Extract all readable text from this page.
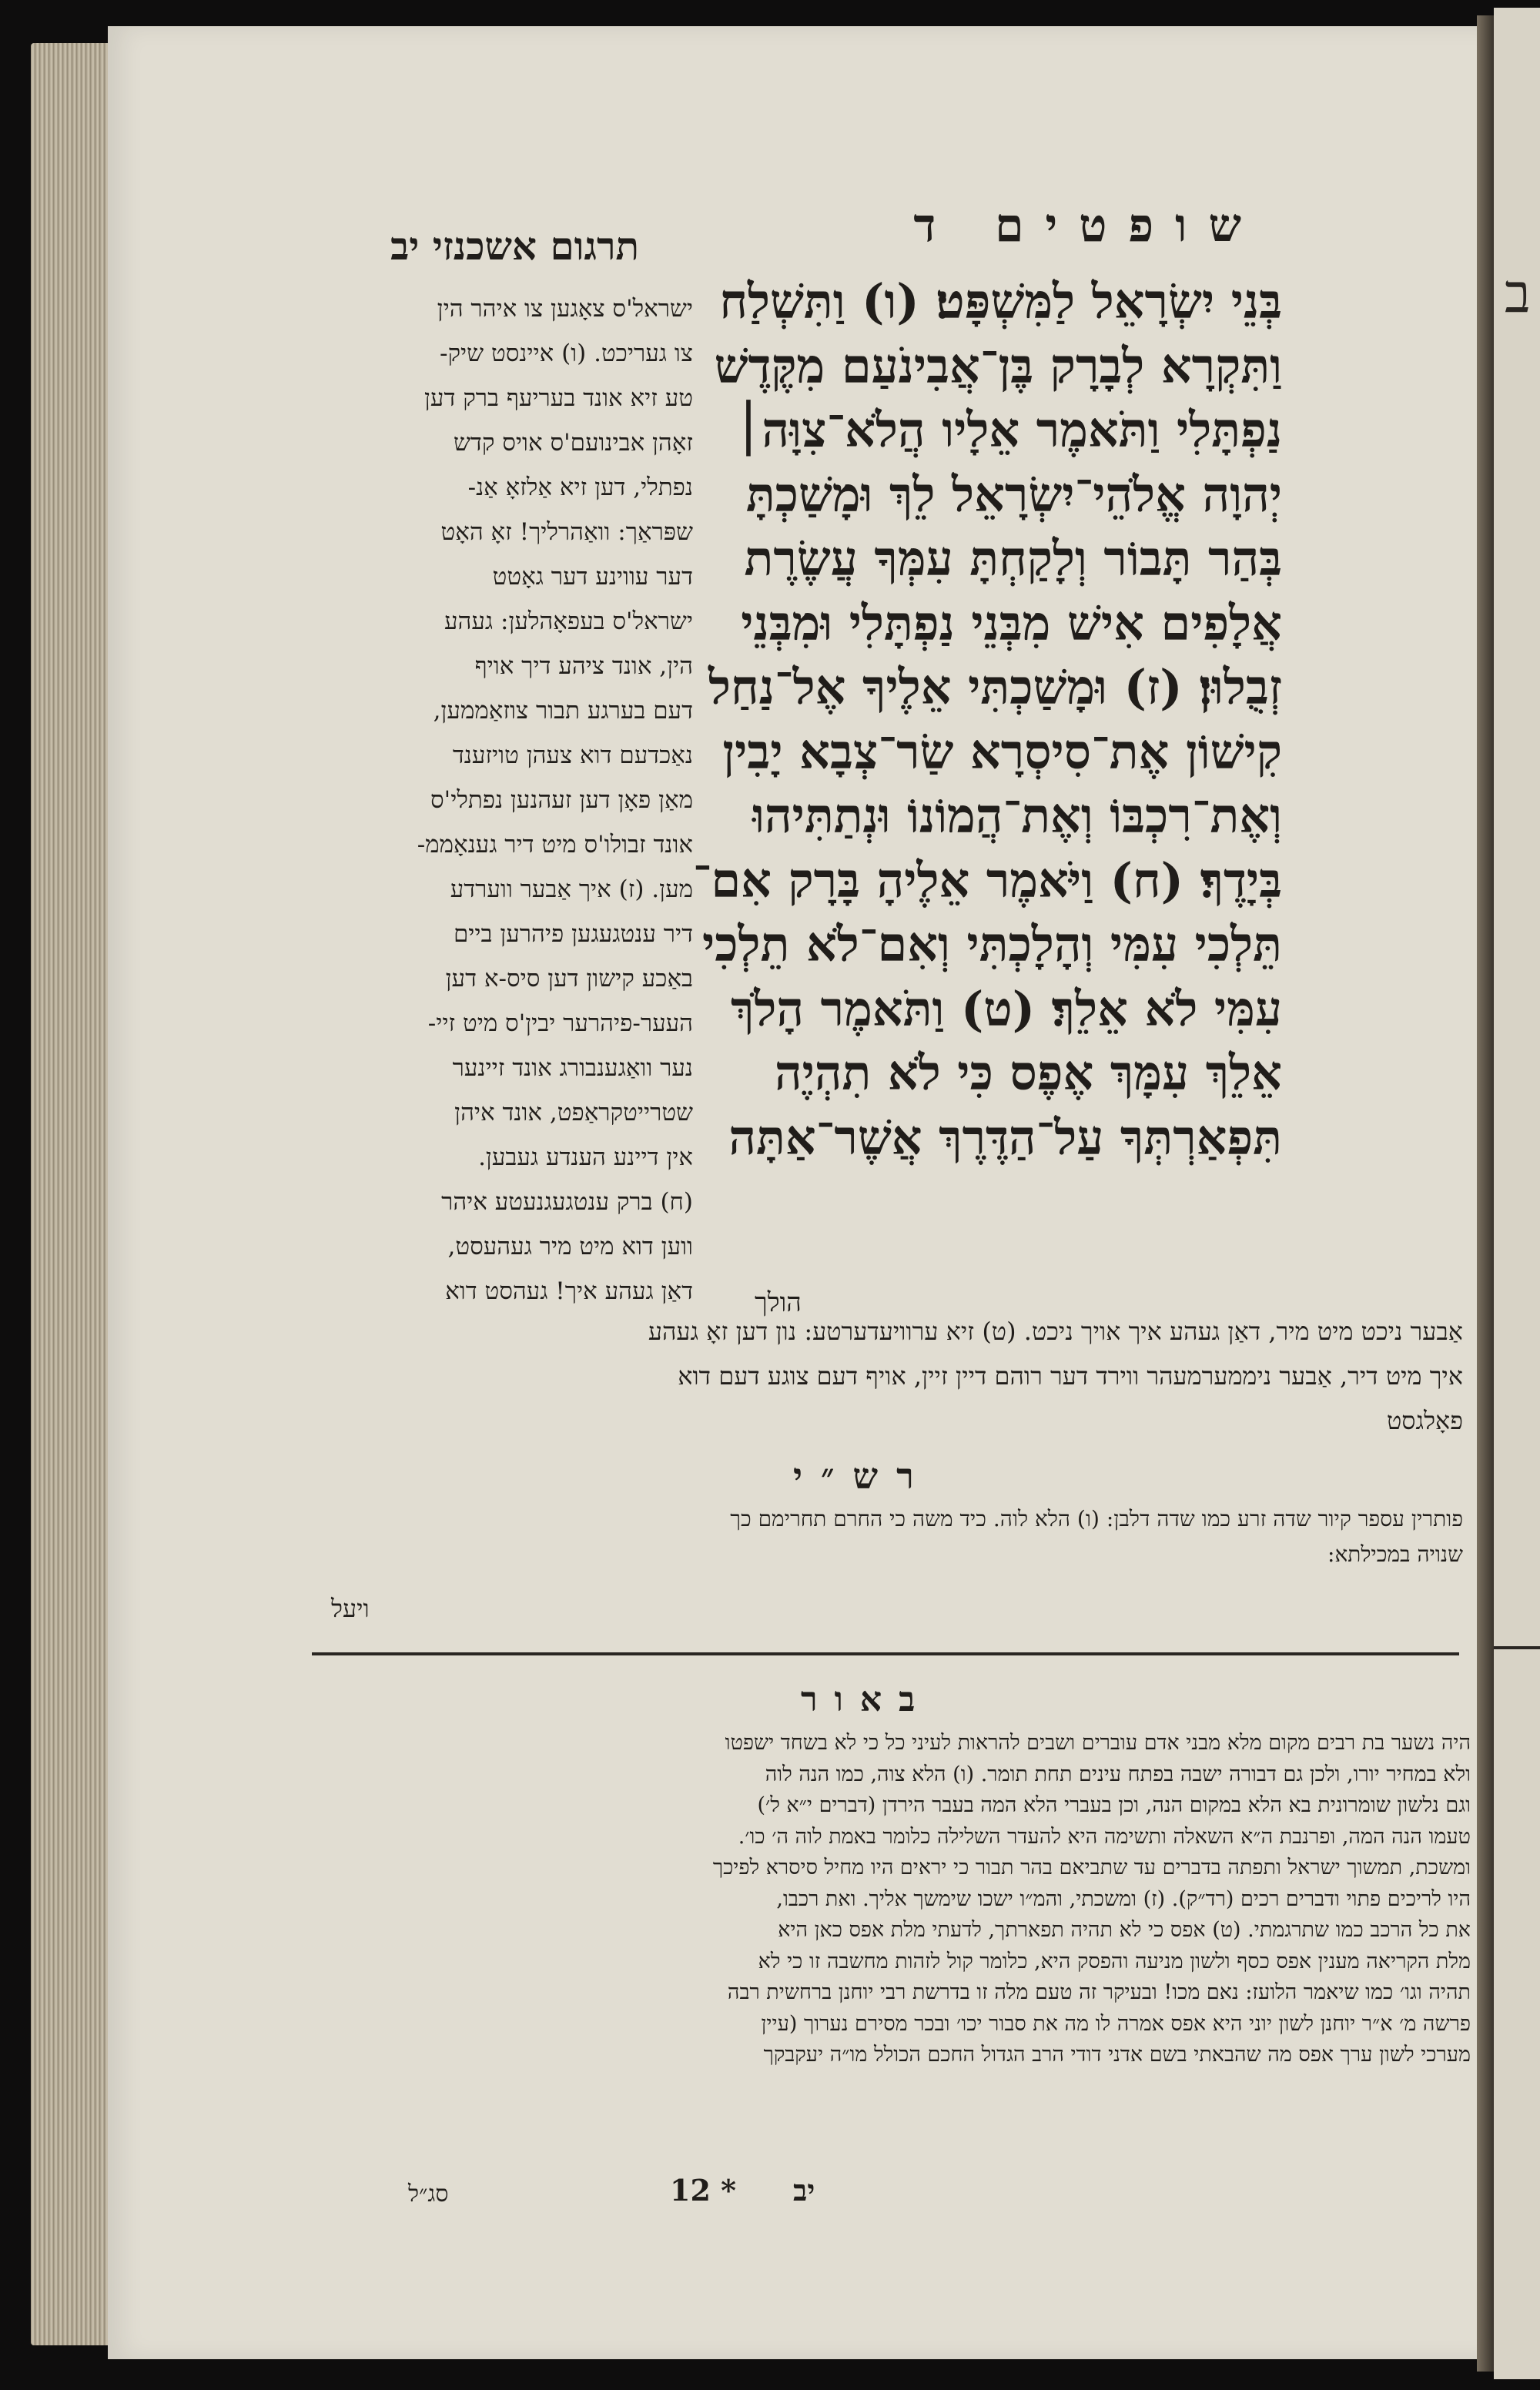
ב
שופטים ד
תרגום אשכנזי יב
בְּנֵי יִשְׂרָאֵל לַמִּשְׁפָּט׃ (ו) וַתִּשְׁלַח
וַתִּקְרָא לְבָרָק בֶּן־אֲבִינֹעַם מִקֶּדֶשׁ
נַפְתָּלִי וַתֹּאמֶר אֵלָיו הֲלֹא־צִוָּה׀
יְהוָה אֱלֹהֵי־יִשְׂרָאֵל לֵךְ וּמָשַׁכְתָּ
בְּהַר תָּבוֹר וְלָקַחְתָּ עִמְּךָ עֲשֶׂרֶת
אֲלָפִים אִישׁ מִבְּנֵי נַפְתָּלִי וּמִבְּנֵי
זְבֻלוּן׃ (ז) וּמָשַׁכְתִּי אֵלֶיךָ אֶל־נַחַל
קִישׁוֹן אֶת־סִיסְרָא שַׂר־צְבָא יָבִין
וְאֶת־רִכְבּוֹ וְאֶת־הֲמוֹנוֹ וּנְתַתִּיהוּ
בְּיָדֶךָ׃ (ח) וַיֹּאמֶר אֵלֶיהָ בָּרָק אִם־
תֵּלְכִי עִמִּי וְהָלָכְתִּי וְאִם־לֹא תֵלְכִי
עִמִּי לֹא אֵלֵךְ׃ (ט) וַתֹּאמֶר הָלֹךְ
אֵלֵךְ עִמָּךְ אֶפֶס כִּי לֹא תִהְיֶה
תִּפְאַרְתְּךָ עַל־הַדֶּרֶךְ אֲשֶׁר־אַתָּה
הולך
ישראל'ס צאָגען צו איהר הין
צו געריכט. (ו) איינסט שיק-
טע זיא אונד בעריעף ברק דען
זאָהן אבינועם'ס אויס קדש
נפתלי, דען זיא אַלזאָ אַנ-
שפּראַך: וואַהרליך! זאָ האָט
דער עווינע דער גאָטט
ישראל'ס בעפאָהלען: געהע
הין, אונד ציהע דיך אויף
דעם בערגע תבור צוזאַממען,
נאַכדעם דוא צעהן טויזענד
מאַן פאָן דען זעהנען נפתלי'ס
אונד זבולו'ס מיט דיר גענאָממ-
מען. (ז) איך אַבער ווערדע
דיר ענטגעגען פיהרען ביים
באַכע קישון דען סיס-א דען
העער-פיהרער יבין'ס מיט זיי-
נער וואַגענבורג אונד זיינער
שטרייטקראַפט, אונד איהן
אין דיינע הענדע געבען.
(ח) ברק ענטגעגנעטע איהר
ווען דוא מיט מיר געהעסט,
דאַן געהע איך! געהסט דוא
אַבער ניכט מיט מיר, דאַן געהע איך אויך ניכט. (ט) זיא ערוויעדערטע: נון דען זאָ געהע
איך מיט דיר, אַבער ניממערמעהר ווירד דער רוהם דיין זיין, אויף דעם צוגע דעם דוא
פאָלגסט
רש״י
פותרין עספר קיור שדה זרע כמו שדה דלבן: (ו) הלא לוה. כיד משה כי החרם תחרימם כך
שנויה במכילתא:
ויעל
באור
היה נשער בת רבים מקום מלא מבני אדם עוברים ושבים להראות לעיני כל כי לא בשחד ישפטו
ולא במחיר יורו, ולכן גם דבורה ישבה בפתח עינים תחת תומר. (ו) הלא צוה, כמו הנה לוה
וגם נלשון שומרונית בא הלא במקום הנה, וכן בעברי הלא המה בעבר הירדן (דברים י״א ל׳)
טעמו הנה המה, ופרנבת ה״א השאלה ותשימה היא להעדר השלילה כלומר באמת לוה ה׳ כו׳.
ומשכת, תמשוך ישראל ותפתה בדברים עד שתביאם בהר תבור כי יראים היו מחיל סיסרא לפיכך
היו לריכים פתוי ודברים רכים (רד״ק). (ז) ומשכתי, והמ״ו ישכו שימשך אליך. ואת רכבו,
את כל הרכב כמו שתרגמתי. (ט) אפס כי לא תהיה תפארתך, לדעתי מלת אפס כאן היא
מלת הקריאה מענין אפס כסף ולשון מניעה והפסק היא, כלומר קול לזהות מחשבה זו כי לא
תהיה וגו׳ כמו שיאמר הלועז: נאם מכו! ובעיקר זה טעם מלה זו בדרשת רבי יוחנן ברחשית רבה
פרשה מ׳ א״ר יוחנן לשון יוני היא אפס אמרה לו מה את סבור יכו׳ ובכר מסירם נערוך (עיין
מערכי לשון ערך אפס מה שהבאתי בשם אדני דודי הרב הגדול החכם הכולל מו״ה יעקבקך
סג״ל	12 * יב
